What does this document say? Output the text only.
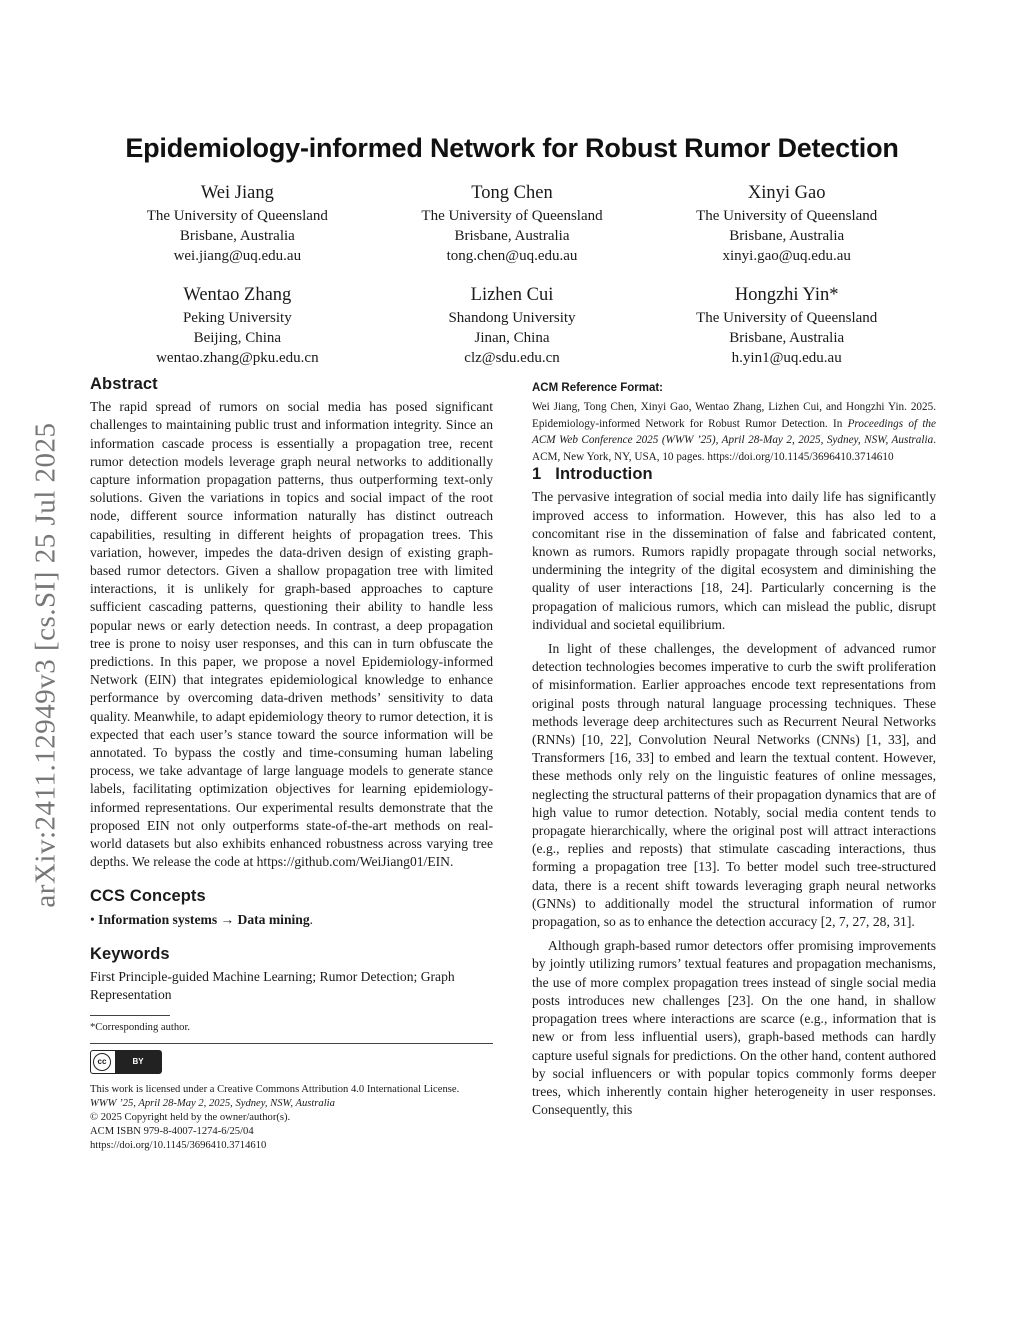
Epidemiology-informed Network for Robust Rumor Detection
Wei Jiang
The University of Queensland
Brisbane, Australia
wei.jiang@uq.edu.au
Tong Chen
The University of Queensland
Brisbane, Australia
tong.chen@uq.edu.au
Xinyi Gao
The University of Queensland
Brisbane, Australia
xinyi.gao@uq.edu.au
Wentao Zhang
Peking University
Beijing, China
wentao.zhang@pku.edu.cn
Lizhen Cui
Shandong University
Jinan, China
clz@sdu.edu.cn
Hongzhi Yin*
The University of Queensland
Brisbane, Australia
h.yin1@uq.edu.au
arXiv:2411.12949v3 [cs.SI] 25 Jul 2025
Abstract

The rapid spread of rumors on social media has posed significant challenges to maintaining public trust and information integrity. Since an information cascade process is essentially a propagation tree, recent rumor detection models leverage graph neural networks to additionally capture information propagation patterns, thus outperforming text-only solutions. Given the variations in topics and social impact of the root node, different source information naturally has distinct outreach capabilities, resulting in different heights of propagation trees. This variation, however, impedes the data-driven design of existing graph-based rumor detectors. Given a shallow propagation tree with limited interactions, it is unlikely for graph-based approaches to capture sufficient cascading patterns, questioning their ability to handle less popular news or early detection needs. In contrast, a deep propagation tree is prone to noisy user responses, and this can in turn obfuscate the predictions. In this paper, we propose a novel Epidemiology-informed Network (EIN) that integrates epidemiological knowledge to enhance performance by overcoming data-driven methods’ sensitivity to data quality. Meanwhile, to adapt epidemiology theory to rumor detection, it is expected that each user’s stance toward the source information will be annotated. To bypass the costly and time-consuming human labeling process, we take advantage of large language models to generate stance labels, facilitating optimization objectives for learning epidemiology-informed representations. Our experimental results demonstrate that the proposed EIN not only outperforms state-of-the-art methods on real-world datasets but also exhibits enhanced robustness across varying tree depths. We release the code at https://github.com/WeiJiang01/EIN.

CCS Concepts

• Information systems → Data mining.

Keywords

First Principle-guided Machine Learning; Rumor Detection; Graph Representation

*Corresponding author.
cc	BY
This work is licensed under a Creative Commons Attribution 4.0 International License.
WWW ’25, April 28-May 2, 2025, Sydney, NSW, Australia
© 2025 Copyright held by the owner/author(s).
ACM ISBN 979-8-4007-1274-6/25/04
https://doi.org/10.1145/3696410.3714610
ACM Reference Format:
Wei Jiang, Tong Chen, Xinyi Gao, Wentao Zhang, Lizhen Cui, and Hongzhi Yin. 2025. Epidemiology-informed Network for Robust Rumor Detection. In Proceedings of the ACM Web Conference 2025 (WWW ’25), April 28-May 2, 2025, Sydney, NSW, Australia. ACM, New York, NY, USA, 10 pages. https://doi.org/10.1145/3696410.3714610
1 Introduction

The pervasive integration of social media into daily life has significantly improved access to information. However, this has also led to a concomitant rise in the dissemination of false and fabricated content, known as rumors. Rumors rapidly propagate through social networks, undermining the integrity of the digital ecosystem and diminishing the quality of user interactions [18, 24]. Particularly concerning is the propagation of malicious rumors, which can mislead the public, disrupt individual and societal equilibrium.

In light of these challenges, the development of advanced rumor detection technologies becomes imperative to curb the swift proliferation of misinformation. Earlier approaches encode text representations from original posts through natural language processing techniques. These methods leverage deep architectures such as Recurrent Neural Networks (RNNs) [10, 22], Convolution Neural Networks (CNNs) [1, 33], and Transformers [16, 33] to embed and learn the textual content. However, these methods only rely on the linguistic features of online messages, neglecting the structural patterns of their propagation dynamics that are of high value to rumor detection. Notably, social media content tends to propagate hierarchically, where the original post will attract interactions (e.g., replies and reposts) that stimulate cascading interactions, thus forming a propagation tree [13]. To better model such tree-structured data, there is a recent shift towards leveraging graph neural networks (GNNs) to additionally model the structural information of rumor propagation, so as to enhance the detection accuracy [2, 7, 27, 28, 31].

Although graph-based rumor detectors offer promising improvements by jointly utilizing rumors’ textual features and propagation mechanisms, the use of more complex propagation trees instead of single social media posts introduces new challenges [23]. On the one hand, in shallow propagation trees where interactions are scarce (e.g., information that is new or from less influential users), graph-based methods can hardly capture useful signals for predictions. On the other hand, content authored by social influencers or with popular topics commonly forms deeper trees, which inherently contain higher heterogeneity in user responses. Consequently, this
